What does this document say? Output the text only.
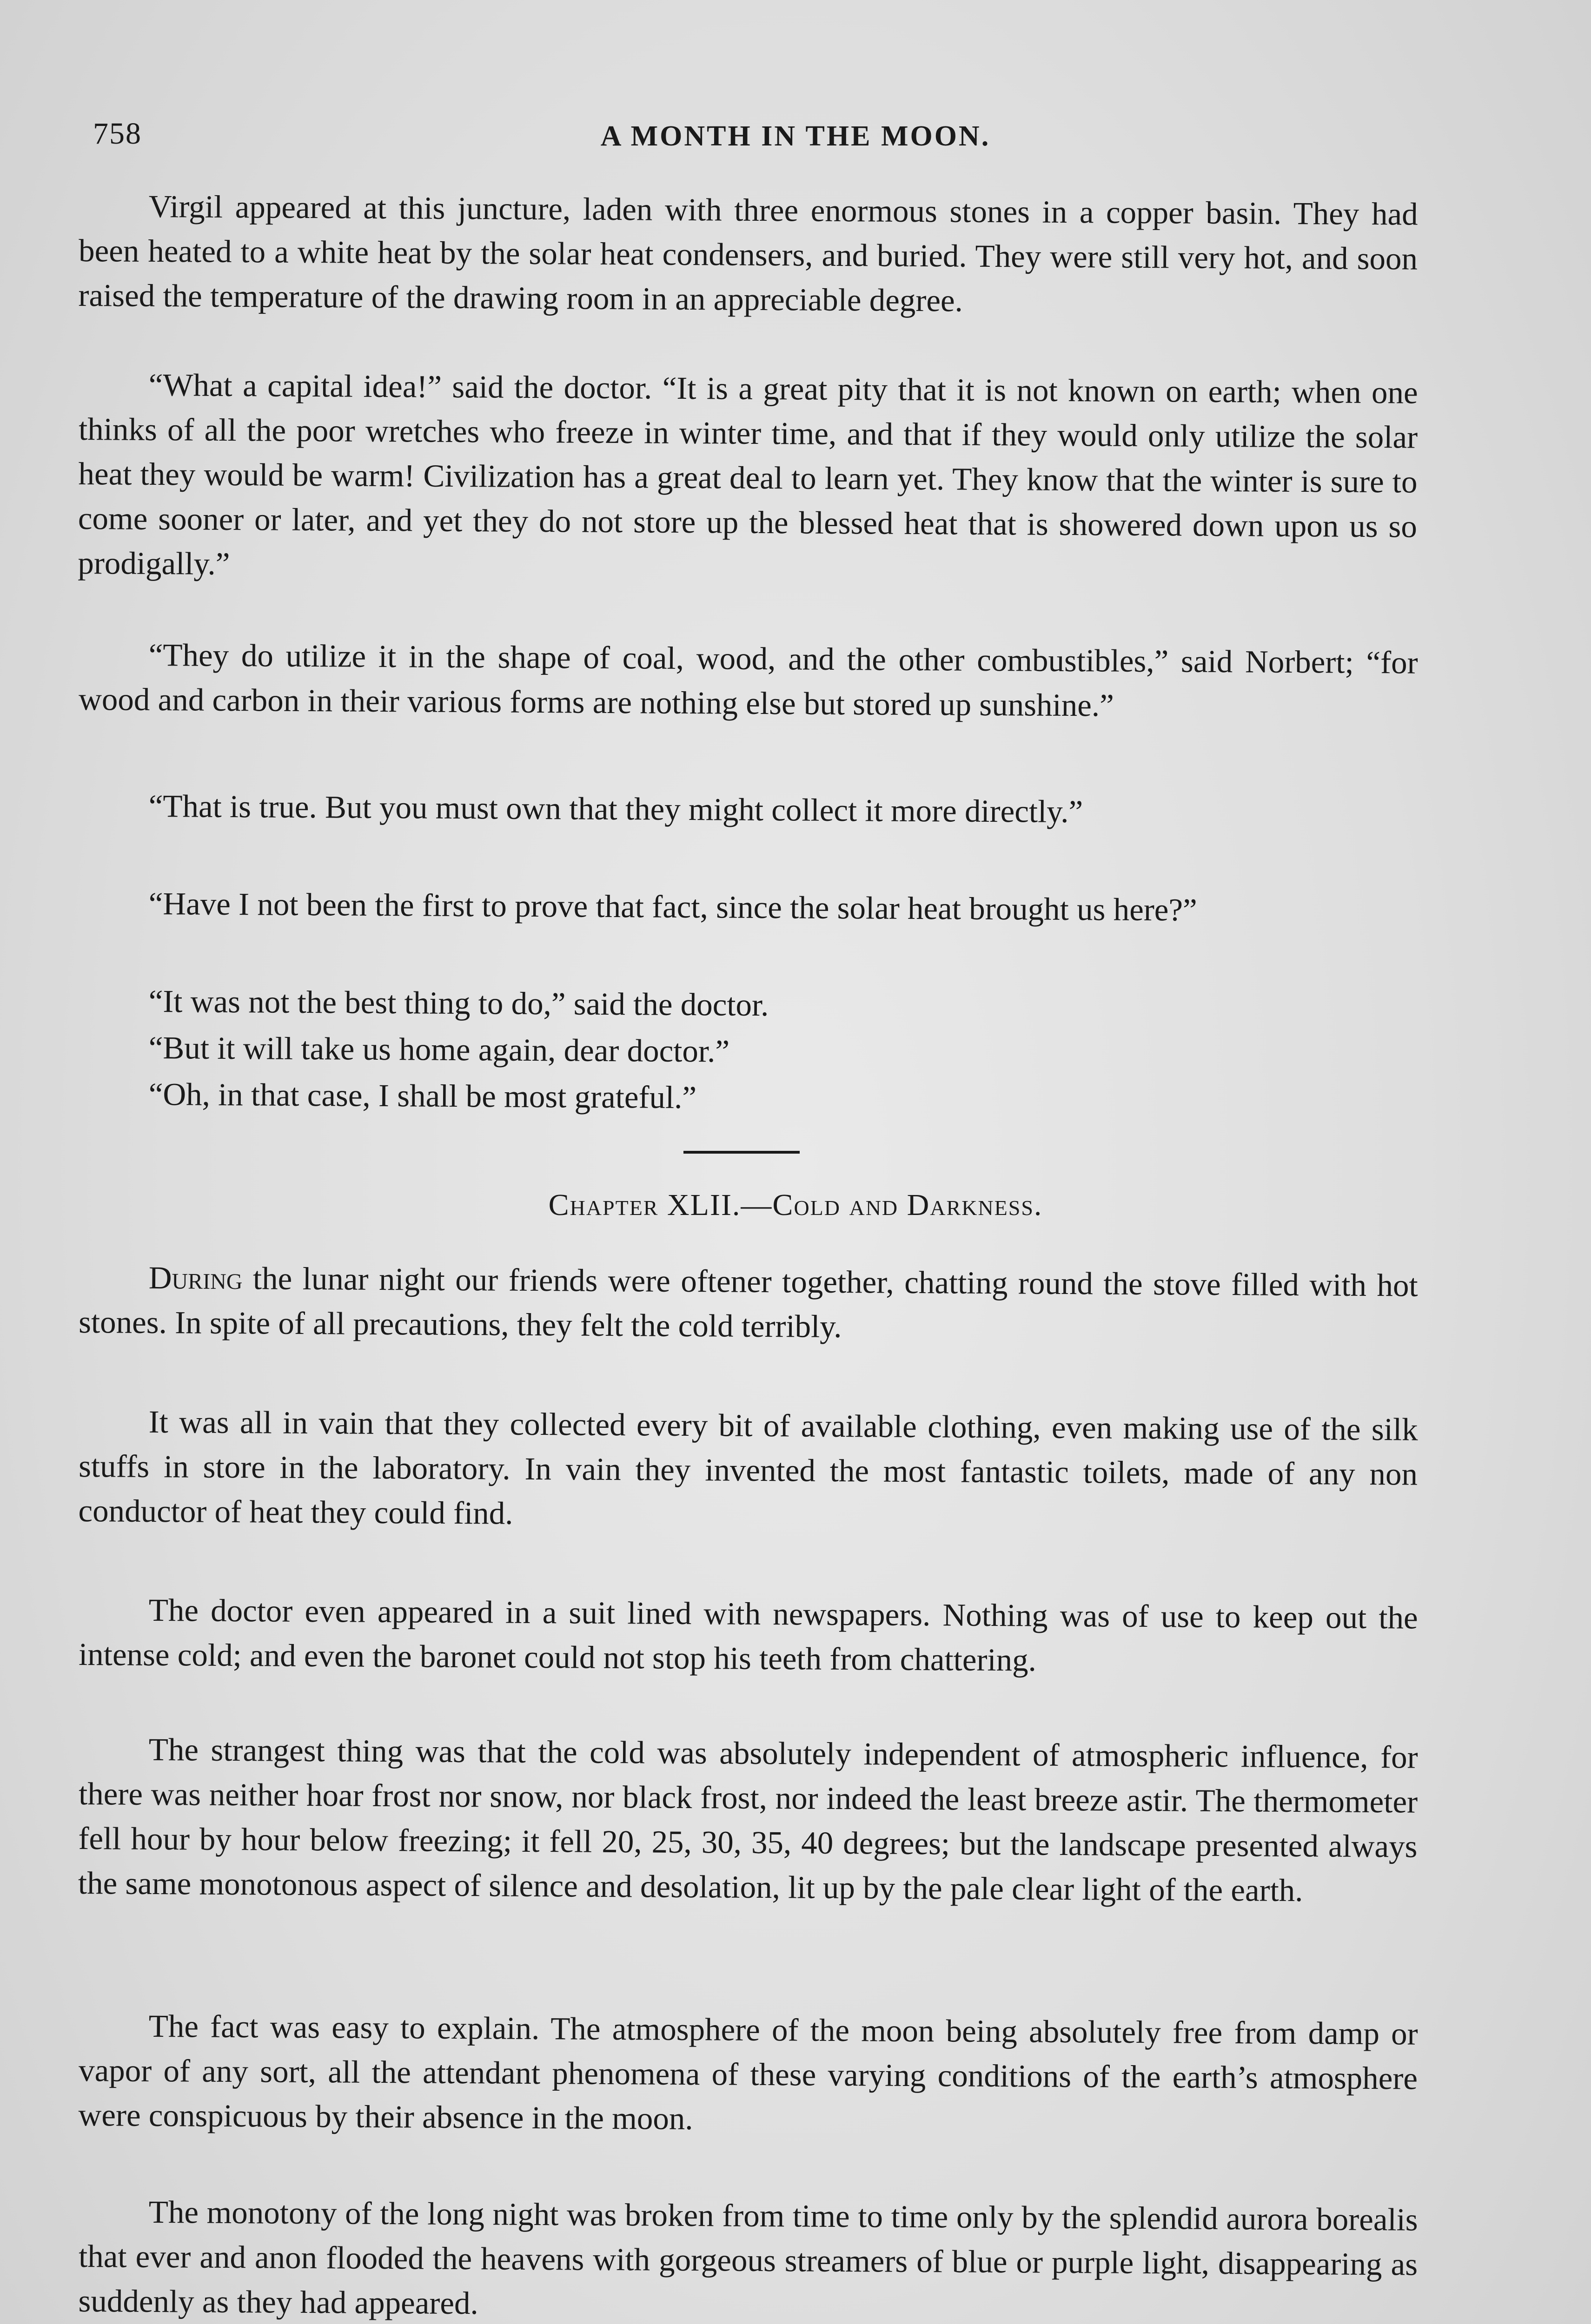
758	A MONTH IN THE MOON.

Virgil appeared at this juncture, laden with three enormous stones in a copper basin. They had been heated to a white heat by the solar heat condensers, and buried. They were still very hot, and soon raised the temperature of the drawing room in an appreciable degree.

“What a capital idea!” said the doctor. “It is a great pity that it is not known on earth; when one thinks of all the poor wretches who freeze in winter time, and that if they would only utilize the solar heat they would be warm! Civilization has a great deal to learn yet. They know that the winter is sure to come sooner or later, and yet they do not store up the blessed heat that is showered down upon us so prodigally.”

“They do utilize it in the shape of coal, wood, and the other combustibles,” said Norbert; “for wood and carbon in their various forms are nothing else but stored up sunshine.”

“That is true. But you must own that they might collect it more directly.”

“Have I not been the first to prove that fact, since the solar heat brought us here?”

“It was not the best thing to do,” said the doctor.

“But it will take us home again, dear doctor.”

“Oh, in that case, I shall be most grateful.”

Chapter XLII.—Cold and Darkness.

During the lunar night our friends were oftener together, chatting round the stove filled with hot stones. In spite of all precautions, they felt the cold terribly.

It was all in vain that they collected every bit of available clothing, even making use of the silk stuffs in store in the laboratory. In vain they invented the most fantastic toilets, made of any non conductor of heat they could find.

The doctor even appeared in a suit lined with newspapers. Nothing was of use to keep out the intense cold; and even the baronet could not stop his teeth from chattering.

The strangest thing was that the cold was absolutely independent of atmospheric influence, for there was neither hoar frost nor snow, nor black frost, nor indeed the least breeze astir. The thermometer fell hour by hour below freezing; it fell 20, 25, 30, 35, 40 degrees; but the landscape presented always the same monotonous aspect of silence and desolation, lit up by the pale clear light of the earth.

The fact was easy to explain. The atmosphere of the moon being absolutely free from damp or vapor of any sort, all the attendant phenomena of these varying conditions of the earth’s atmosphere were conspicuous by their absence in the moon.

The monotony of the long night was broken from time to time only by the splendid aurora borealis that ever and anon flooded the heavens with gorgeous streamers of blue or purple light, disappearing as suddenly as they had appeared.
